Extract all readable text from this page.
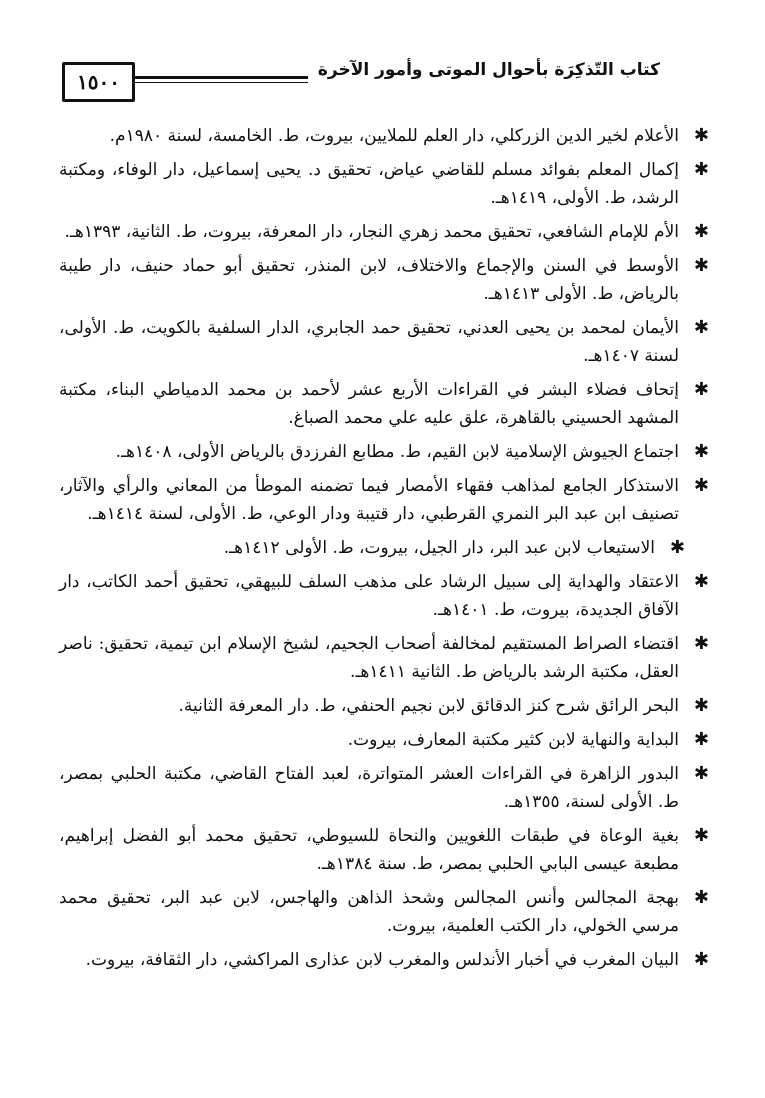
كتاب التّذكِرَة بأحوال الموتى وأمور الآخرة
١٥٠٠
✱
الأعلام لخير الدين الزركلي، دار العلم للملايين، بيروت، ط. الخامسة، لسنة ١٩٨٠م.
✱
إكمال المعلم بفوائد مسلم للقاضي عياض، تحقيق د. يحيى إسماعيل، دار الوفاء، ومكتبة الرشد، ط. الأولى، ١٤١٩هـ.
✱
الأم للإمام الشافعي، تحقيق محمد زهري النجار، دار المعرفة، بيروت، ط. الثانية، ١٣٩٣هـ.
✱
الأوسط في السنن والإجماع والاختلاف، لابن المنذر، تحقيق أبو حماد حنيف، دار طيبة بالرياض، ط. الأولى ١٤١٣هـ.
✱
الأيمان لمحمد بن يحيى العدني، تحقيق حمد الجابري، الدار السلفية بالكويت، ط. الأولى، لسنة ١٤٠٧هـ.
✱
إتحاف فضلاء البشر في القراءات الأربع عشر لأحمد بن محمد الدمياطي البناء، مكتبة المشهد الحسيني بالقاهرة، علق عليه علي محمد الصباغ.
✱
اجتماع الجيوش الإسلامية لابن القيم، ط. مطابع الفرزدق بالرياض الأولى، ١٤٠٨هـ.
✱
الاستذكار الجامع لمذاهب فقهاء الأمصار فيما تضمنه الموطأ من المعاني والرأي والآثار، تصنيف ابن عبد البر النمري القرطبي، دار قتيبة ودار الوعي، ط. الأولى، لسنة ١٤١٤هـ.
✱
الاستيعاب لابن عبد البر، دار الجيل، بيروت، ط. الأولى ١٤١٢هـ.
✱
الاعتقاد والهداية إلى سبيل الرشاد على مذهب السلف للبيهقي، تحقيق أحمد الكاتب، دار الآفاق الجديدة، بيروت، ط. ١٤٠١هـ.
✱
اقتضاء الصراط المستقيم لمخالفة أصحاب الجحيم، لشيخ الإسلام ابن تيمية، تحقيق: ناصر العقل، مكتبة الرشد بالرياض ط. الثانية ١٤١١هـ.
✱
البحر الرائق شرح كنز الدقائق لابن نجيم الحنفي، ط. دار المعرفة الثانية.
✱
البداية والنهاية لابن كثير مكتبة المعارف، بيروت.
✱
البدور الزاهرة في القراءات العشر المتواترة، لعبد الفتاح القاضي، مكتبة الحلبي بمصر، ط. الأولى لسنة، ١٣٥٥هـ.
✱
بغية الوعاة في طبقات اللغويين والنحاة للسيوطي، تحقيق محمد أبو الفضل إبراهيم، مطبعة عيسى البابي الحلبي بمصر، ط. سنة ١٣٨٤هـ.
✱
بهجة المجالس وأنس المجالس وشحذ الذاهن والهاجس، لابن عبد البر، تحقيق محمد مرسي الخولي، دار الكتب العلمية، بيروت.
✱
البيان المغرب في أخبار الأندلس والمغرب لابن عذارى المراكشي، دار الثقافة، بيروت.
